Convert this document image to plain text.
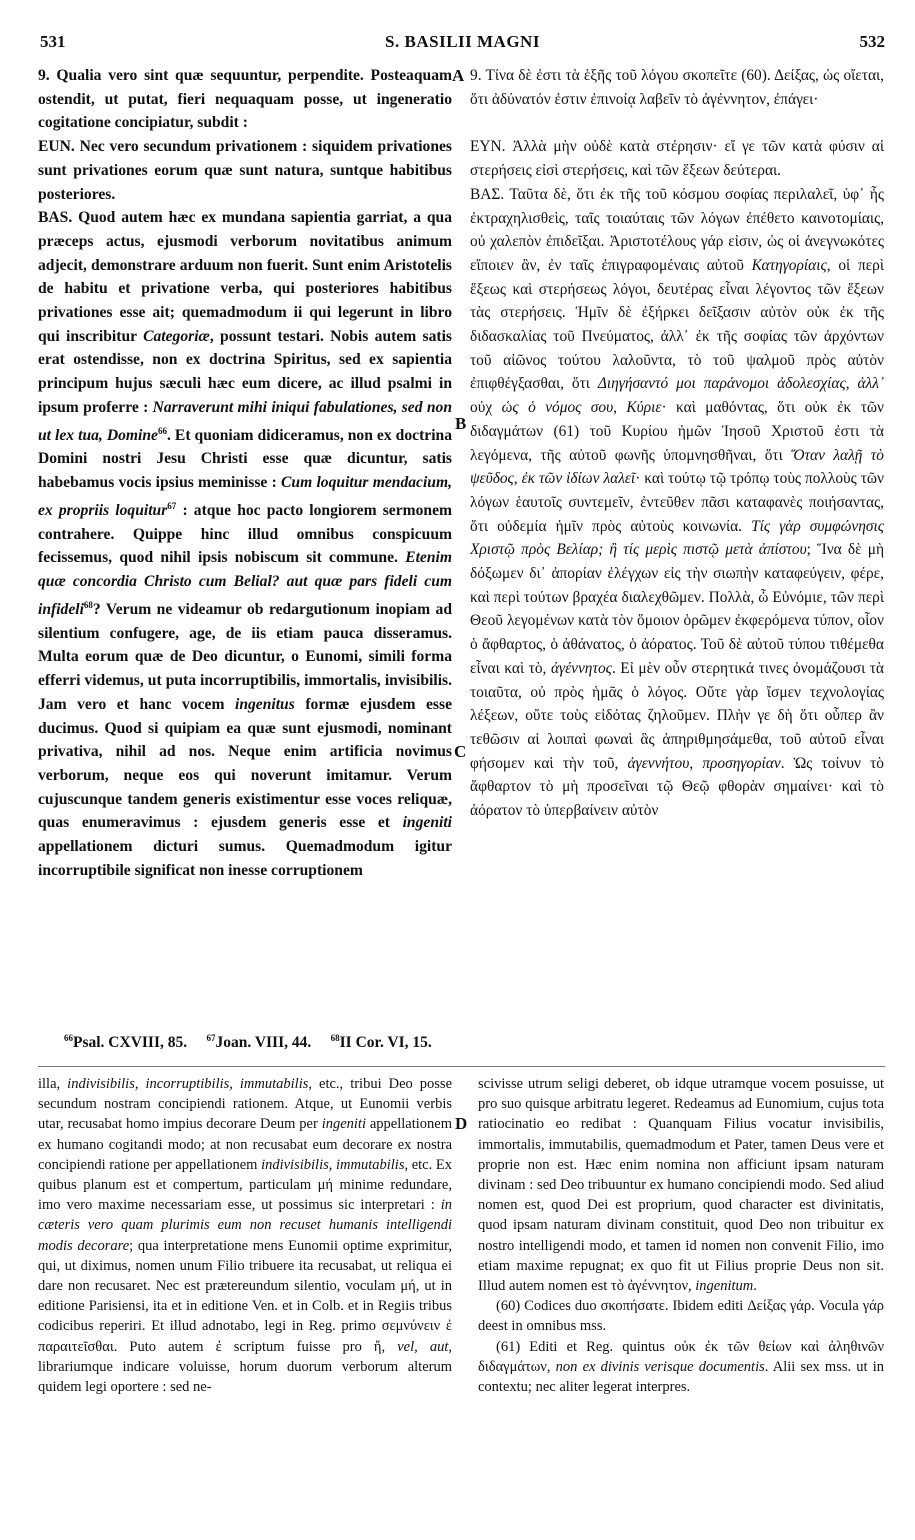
531	S. BASILII MAGNI	532
A
B
C
D

9. Qualia vero sint quæ sequuntur, perpendite. Posteaquam ostendit, ut putat, fieri nequaquam posse, ut ingeneratio cogitatione concipiatur, subdit :

EUN. Nec vero secundum privationem : siquidem privationes sunt privationes eorum quæ sunt natura, suntque habitibus posteriores.

BAS. Quod autem hæc ex mundana sapientia garriat, a qua præceps actus, ejusmodi verborum novitatibus animum adjecit, demonstrare arduum non fuerit. Sunt enim Aristotelis de habitu et privatione verba, qui posteriores habitibus privationes esse ait; quemadmodum ii qui legerunt in libro qui inscribitur Categoriæ, possunt testari. Nobis autem satis erat ostendisse, non ex doctrina Spiritus, sed ex sapientia principum hujus sæculi hæc eum dicere, ac illud psalmi in ipsum proferre : Narraverunt mihi iniqui fabulationes, sed non ut lex tua, Domine$^{66}$. Et quoniam didiceramus, non ex doctrina Domini nostri Jesu Christi esse quæ dicuntur, satis habebamus vocis ipsius meminisse : Cum loquitur mendacium, ex propriis loquitur$^{67}$ : atque hoc pacto longiorem sermonem contrahere. Quippe hinc illud omnibus conspicuum fecissemus, quod nihil ipsis nobiscum sit commune. Etenim quæ concordia Christo cum Belial? aut quæ pars fideli cum infideli$^{68}$? Verum ne videamur ob redargutionum inopiam ad silentium confugere, age, de iis etiam pauca disseramus. Multa eorum quæ de Deo dicuntur, o Eunomi, simili forma efferri videmus, ut puta incorruptibilis, immortalis, invisibilis. Jam vero et hanc vocem ingenitus formæ ejusdem esse ducimus. Quod si quipiam ea quæ sunt ejusmodi, nominant privativa, nihil ad nos. Neque enim artificia novimus verborum, neque eos qui noverunt imitamur. Verum cujuscunque tandem generis existimentur esse voces reliquæ, quas enumeravimus : ejusdem generis esse et ingeniti appellationem dicturi sumus. Quemadmodum igitur incorruptibile significat non inesse corruptionem

9. Τίνα δὲ ἐστι τὰ ἑξῆς τοῦ λόγου σκοπεῖτε (60). Δείξας, ὡς οἴεται, ὅτι ἀδύνατόν ἐστιν ἐπινοίᾳ λαβεῖν τὸ ἀγέννητον, ἐπάγει·

ΕΥΝ. Ἀλλὰ μὴν οὐδὲ κατὰ στέρησιν· εἴ γε τῶν κατὰ φύσιν αἱ στερήσεις εἰσὶ στερήσεις, καὶ τῶν ἕξεων δεύτεραι.

ΒΑΣ. Ταῦτα δὲ, ὅτι ἐκ τῆς τοῦ κόσμου σοφίας περιλαλεῖ, ὑφ᾽ ἧς ἐκτραχηλισθεὶς, ταῖς τοιαύταις τῶν λόγων ἐπέθετο καινοτομίαις, οὐ χαλεπὸν ἐπιδεῖξαι. Ἀριστοτέλους γάρ εἰσιν, ὡς οἱ ἀνεγνωκότες εἴποιεν ἂν, ἐν ταῖς ἐπιγραφομέναις αὐτοῦ Κατηγορίαις, οἱ περὶ ἕξεως καὶ στερήσεως λόγοι, δευτέρας εἶναι λέγοντος τῶν ἕξεων τὰς στερήσεις. Ἡμῖν δὲ ἐξήρκει δεῖξασιν αὐτὸν οὐκ ἐκ τῆς διδασκαλίας τοῦ Πνεύματος, ἀλλ᾽ ἐκ τῆς σοφίας τῶν ἀρχόντων τοῦ αἰῶνος τούτου λαλοῦντα, τὸ τοῦ ψαλμοῦ πρὸς αὐτὸν ἐπιφθέγξασθαι, ὅτι Διηγήσαντό μοι παράνομοι ἀδολεσχίας, ἀλλ᾽ οὐχ ὡς ὁ νόμος σου, Κύριε· καὶ μαθόντας, ὅτι οὐκ ἐκ τῶν διδαγμάτων (61) τοῦ Κυρίου ἡμῶν Ἰησοῦ Χριστοῦ ἐστι τὰ λεγόμενα, τῆς αὐτοῦ φωνῆς ὑπομνησθῆναι, ὅτι Ὅταν λαλῇ τὸ ψεῦδος, ἐκ τῶν ἰδίων λαλεῖ· καὶ τούτῳ τῷ τρόπῳ τοὺς πολλοὺς τῶν λόγων ἑαυτοῖς συντεμεῖν, ἐντεῦθεν πᾶσι καταφανὲς ποιήσαντας, ὅτι οὐδεμία ἡμῖν πρὸς αὐτοὺς κοινωνία. Τίς γὰρ συμφώνησις Χριστῷ πρὸς Βελίαρ; ἢ τίς μερὶς πιστῷ μετὰ ἀπίστου; Ἵνα δὲ μὴ δόξωμεν δι᾽ ἀπορίαν ἐλέγχων εἰς τὴν σιωπὴν καταφεύγειν, φέρε, καὶ περὶ τούτων βραχέα διαλεχθῶμεν. Πολλὰ, ὦ Εὐνόμιε, τῶν περὶ Θεοῦ λεγομένων κατὰ τὸν ὅμοιον ὁρῶμεν ἐκφερόμενα τύπον, οἷον ὁ ἄφθαρτος, ὁ ἀθάνατος, ὁ ἀόρατος. Τοῦ δὲ αὐτοῦ τύπου τιθέμεθα εἶναι καὶ τὸ, ἀγέννητος. Εἰ μὲν οὖν στερητικά τινες ὀνομάζουσι τὰ τοιαῦτα, οὐ πρὸς ἡμᾶς ὁ λόγος. Οὔτε γὰρ ἴσμεν τεχνολογίας λέξεων, οὔτε τοὺς εἰδότας ζηλοῦμεν. Πλὴν γε δὴ ὅτι οὗπερ ἂν τεθῶσιν αἱ λοιπαὶ φωναὶ ἃς ἀπηριθμησάμεθα, τοῦ αὐτοῦ εἶναι φήσομεν καὶ τὴν τοῦ, ἀγεννήτου, προσηγορίαν. Ὡς τοίνυν τὸ ἄφθαρτον τὸ μὴ προσεῖναι τῷ Θεῷ φθορὰν σημαίνει· καὶ τὸ ἀόρατον τὸ ὑπερβαίνειν αὐτὸν

$^{66}$Psal. CXVIII, 85. $^{67}$Joan. VIII, 44. $^{68}$II Cor. VI, 15.

illa, indivisibilis, incorruptibilis, immutabilis, etc., tribui Deo posse secundum nostram concipiendi rationem. Atque, ut Eunomii verbis utar, recusabat homo impius decorare Deum per ingeniti appellationem ex humano cogitandi modo; at non recusabat eum decorare ex nostra concipiendi ratione per appellationem indivisibilis, immutabilis, etc. Ex quibus planum est et compertum, particulam μή minime redundare, imo vero maxime necessariam esse, ut possimus sic interpretari : in cæteris vero quam plurimis eum non recuset humanis intelligendi modis decorare; qua interpretatione mens Eunomii optime exprimitur, qui, ut diximus, nomen unum Filio tribuere ita recusabat, ut reliqua ei dare non recusaret. Nec est prætereundum silentio, voculam μή, ut in editione Parisiensi, ita et in editione Ven. et in Colb. et in Regiis tribus codicibus reperiri. Et illud adnotabo, legi in Reg. primo σεμνύνειν ἐ παραιτεῖσθαι. Puto autem ἐ scriptum fuisse pro ἤ, vel, aut, librariumque indicare voluisse, horum duorum verborum alterum quidem legi oportere : sed ne-

scivisse utrum seligi deberet, ob idque utramque vocem posuisse, ut pro suo quisque arbitratu legeret. Redeamus ad Eunomium, cujus tota ratiocinatio eo redibat : Quanquam Filius vocatur invisibilis, immortalis, immutabilis, quemadmodum et Pater, tamen Deus vere et proprie non est. Hæc enim nomina non afficiunt ipsam naturam divinam : sed Deo tribuuntur ex humano concipiendi modo. Sed aliud nomen est, quod Dei est proprium, quod character est divinitatis, quod ipsam naturam divinam constituit, quod Deo non tribuitur ex nostro intelligendi modo, et tamen id nomen non convenit Filio, imo etiam maxime repugnat; ex quo fit ut Filius proprie Deus non sit. Illud autem nomen est τὸ ἀγέννητον, ingenitum.

(60) Codices duo σκοπήσατε. Ibidem editi Δείξας γάρ. Vocula γάρ deest in omnibus mss.

(61) Editi et Reg. quintus οὐκ ἐκ τῶν θείων καὶ ἀληθινῶν διδαγμάτων, non ex divinis verisque documentis. Alii sex mss. ut in contextu; nec aliter legerat interpres.
